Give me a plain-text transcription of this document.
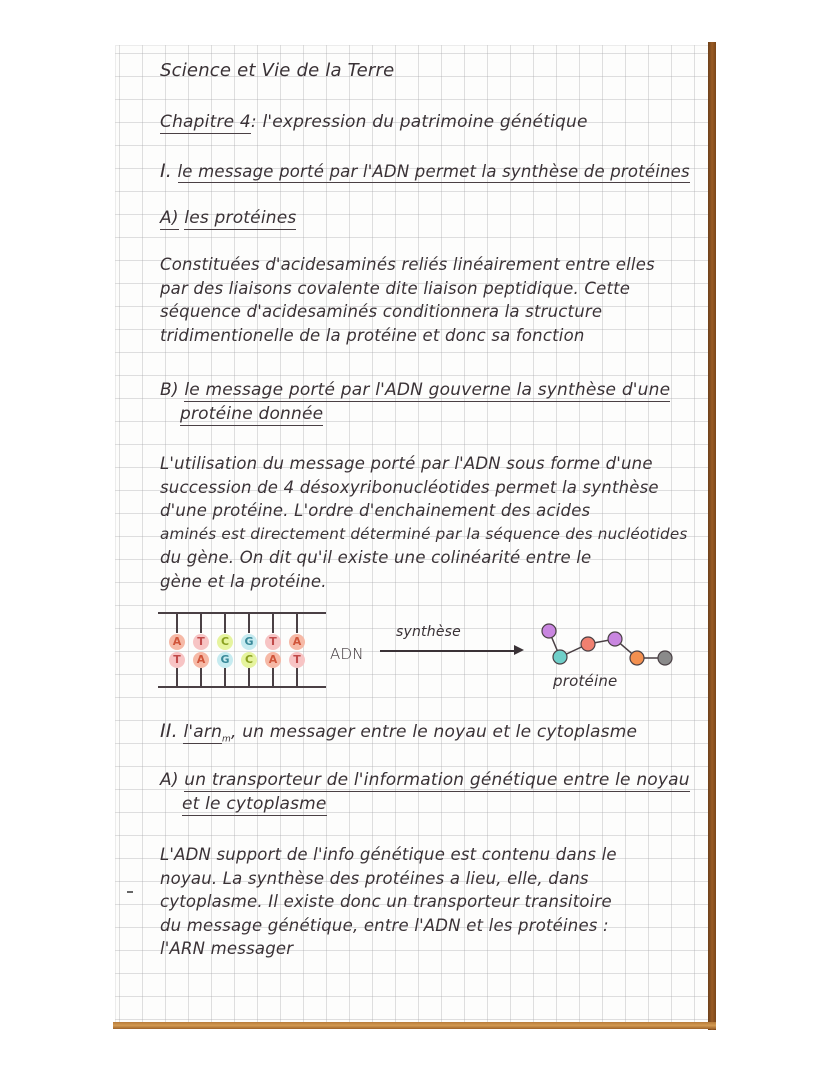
Science et Vie de la Terre
Chapitre 4: l'expression du patrimoine génétique
I. le message porté par l'ADN permet la synthèse de protéines
A) les protéines
Constituées d'acidesaminés reliés linéairement entre elles
par des liaisons covalente dite liaison peptidique. Cette
séquence d'acidesaminés conditionnera la structure
tridimentionelle de la protéine et donc sa fonction
B) le message porté par l'ADN gouverne la synthèse d'une
protéine donnée
L'utilisation du message porté par l'ADN sous forme d'une
succession de 4 désoxyribonucléotides permet la synthèse
d'une protéine. L'ordre d'enchainement des acides
aminés est directement déterminé par la séquence des nucléotides
du gène. On dit qu'il existe une colinéarité entre le
gène et la protéine.
A	T	C	G	T	A
T	A	G	C	A	T ADN
synthèse
protéine
II. l'arn$_m$, un messager entre le noyau et le cytoplasme
A) un transporteur de l'information génétique entre le noyau
et le cytoplasme
L'ADN support de l'info génétique est contenu dans le
noyau. La synthèse des protéines a lieu, elle, dans
cytoplasme. Il existe donc un transporteur transitoire
du message génétique, entre l'ADN et les protéines :
l'ARN messager
